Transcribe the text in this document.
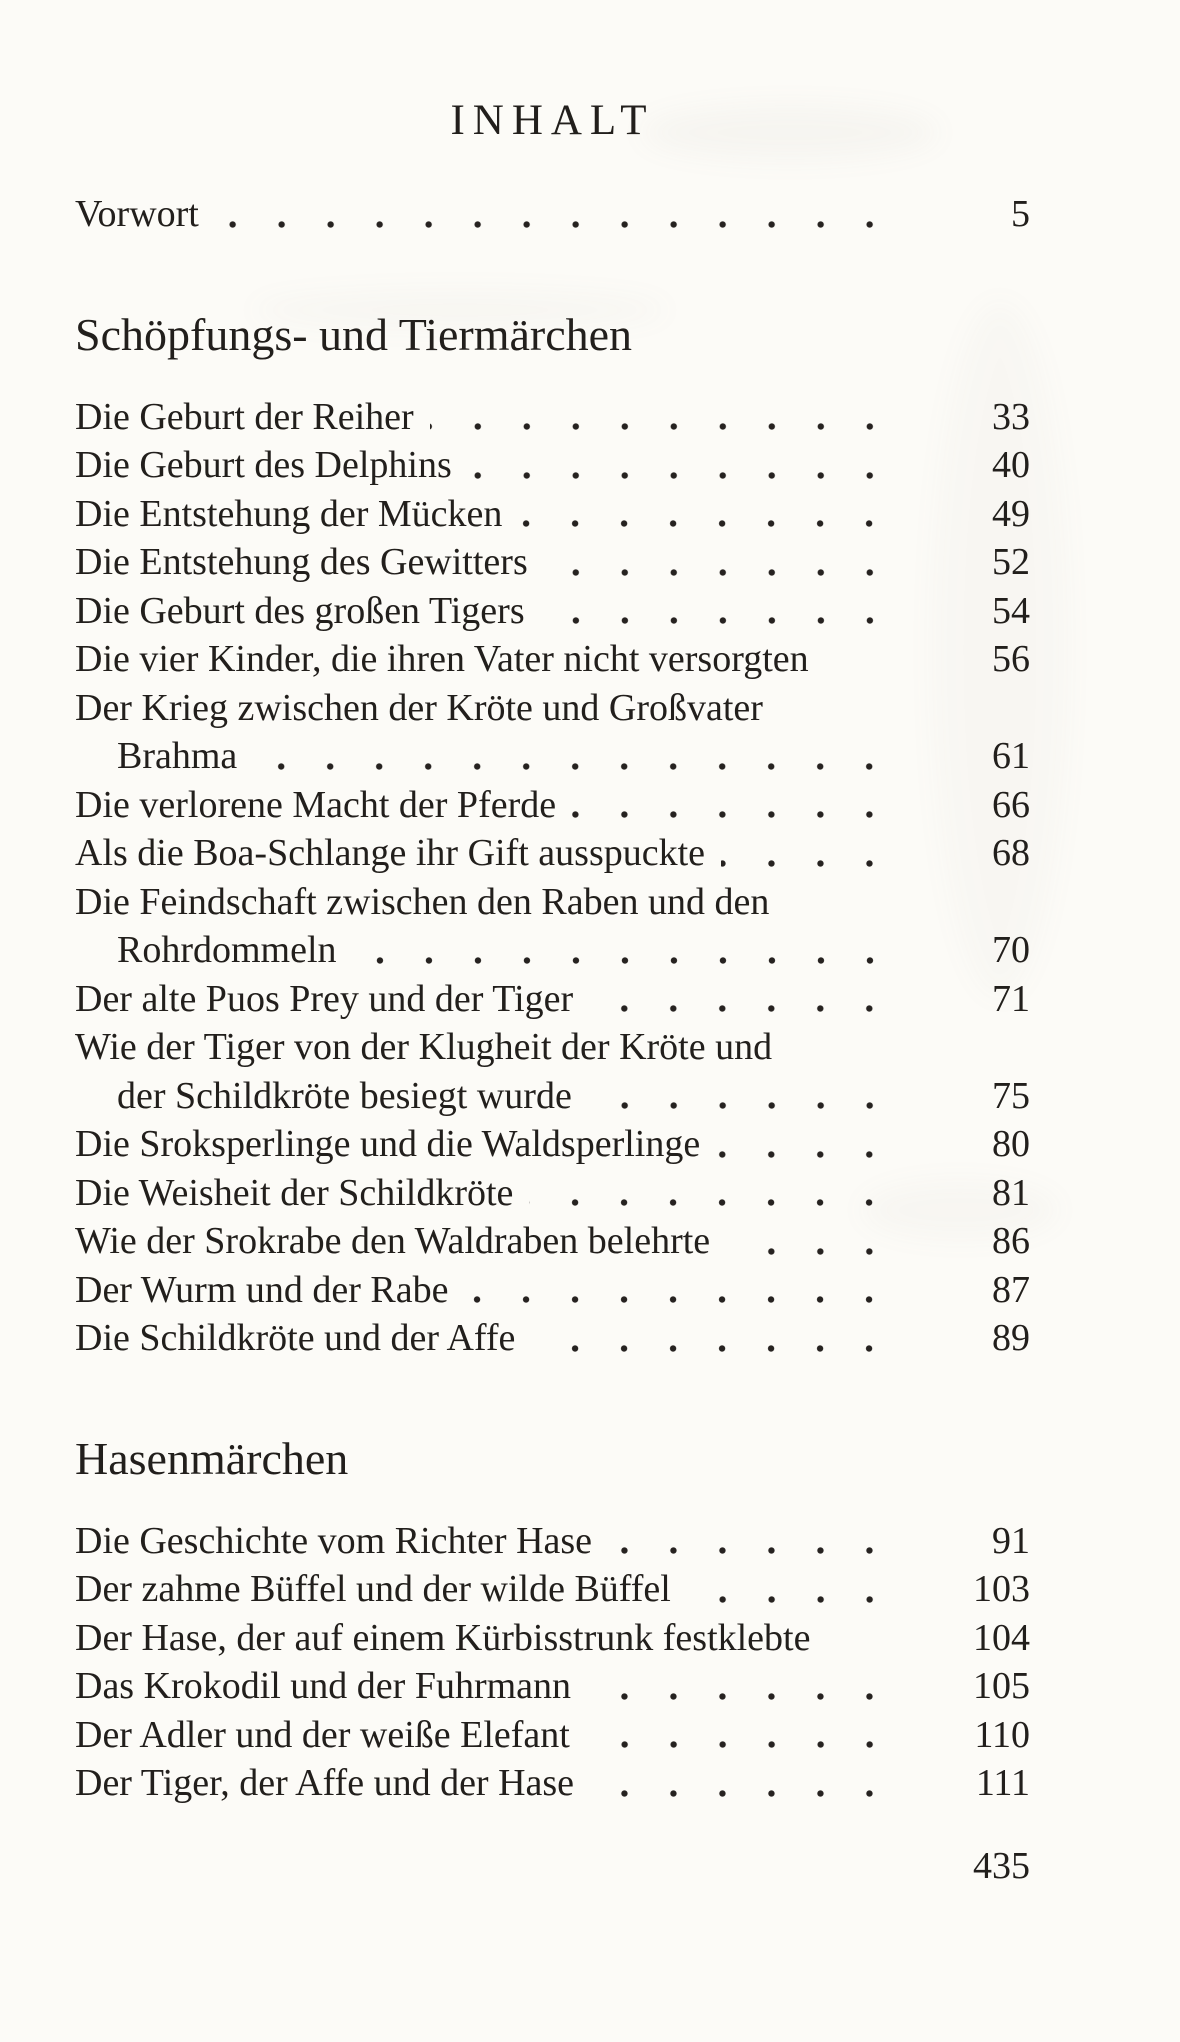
INHALT
Vorwort	5
Schöpfungs- und Tiermärchen
Die Geburt der Reiher	33
Die Geburt des Delphins	40
Die Entstehung der Mücken	49
Die Entstehung des Gewitters	52
Die Geburt des großen Tigers	54
Die vier Kinder, die ihren Vater nicht versorgten	56
Der Krieg zwischen der Kröte und Großvater
Brahma	61
Die verlorene Macht der Pferde	66
Als die Boa-Schlange ihr Gift ausspuckte	68
Die Feindschaft zwischen den Raben und den
Rohrdommeln	70
Der alte Puos Prey und der Tiger	71
Wie der Tiger von der Klugheit der Kröte und
der Schildkröte besiegt wurde	75
Die Sroksperlinge und die Waldsperlinge	80
Die Weisheit der Schildkröte	81
Wie der Srokrabe den Waldraben belehrte	86
Der Wurm und der Rabe	87
Die Schildkröte und der Affe	89
Hasenmärchen
Die Geschichte vom Richter Hase	91
Der zahme Büffel und der wilde Büffel	103
Der Hase, der auf einem Kürbisstrunk festklebte	104
Das Krokodil und der Fuhrmann	105
Der Adler und der weiße Elefant	110
Der Tiger, der Affe und der Hase	111
435
